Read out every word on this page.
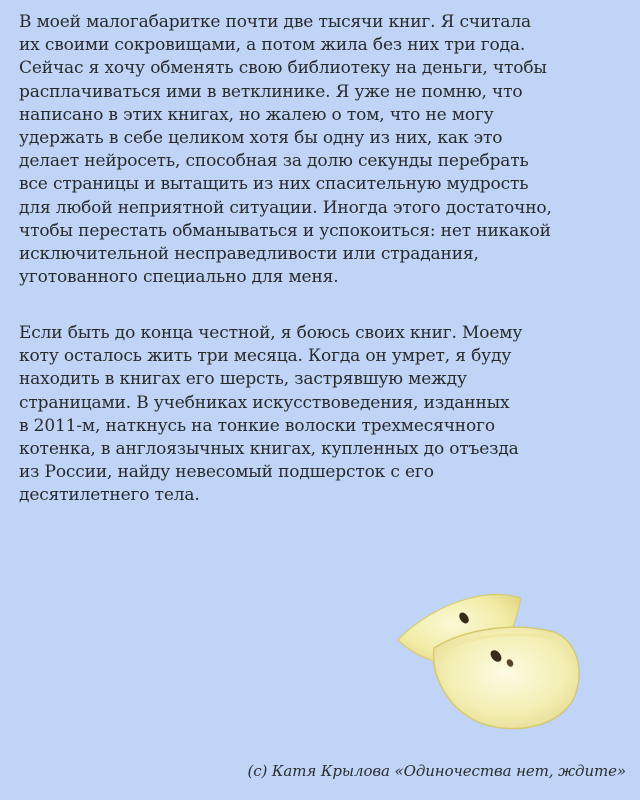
В моей малогабаритке почти две тысячи книг. Я считала
их своими сокровищами, а потом жила без них три года.
Сейчас я хочу обменять свою библиотеку на деньги, чтобы
расплачиваться ими в ветклинике. Я уже не помню, что
написано в этих книгах, но жалею о том, что не могу
удержать в себе целиком хотя бы одну из них, как это
делает нейросеть, способная за долю секунды перебрать
все страницы и вытащить из них спасительную мудрость
для любой неприятной ситуации. Иногда этого достаточно,
чтобы перестать обманываться и успокоиться: нет никакой
исключительной несправедливости или страдания,
уготованного специально для меня.

Если быть до конца честной, я боюсь своих книг. Моему
коту осталось жить три месяца. Когда он умрет, я буду
находить в книгах его шерсть, застрявшую между
страницами. В учебниках искусствоведения, изданных
в 2011-м, наткнусь на тонкие волоски трехмесячного
котенка, в англоязычных книгах, купленных до отъезда
из России, найду невесомый подшерсток с его
десятилетнего тела.

(с) Катя Крылова «Одиночества нет, ждите»
